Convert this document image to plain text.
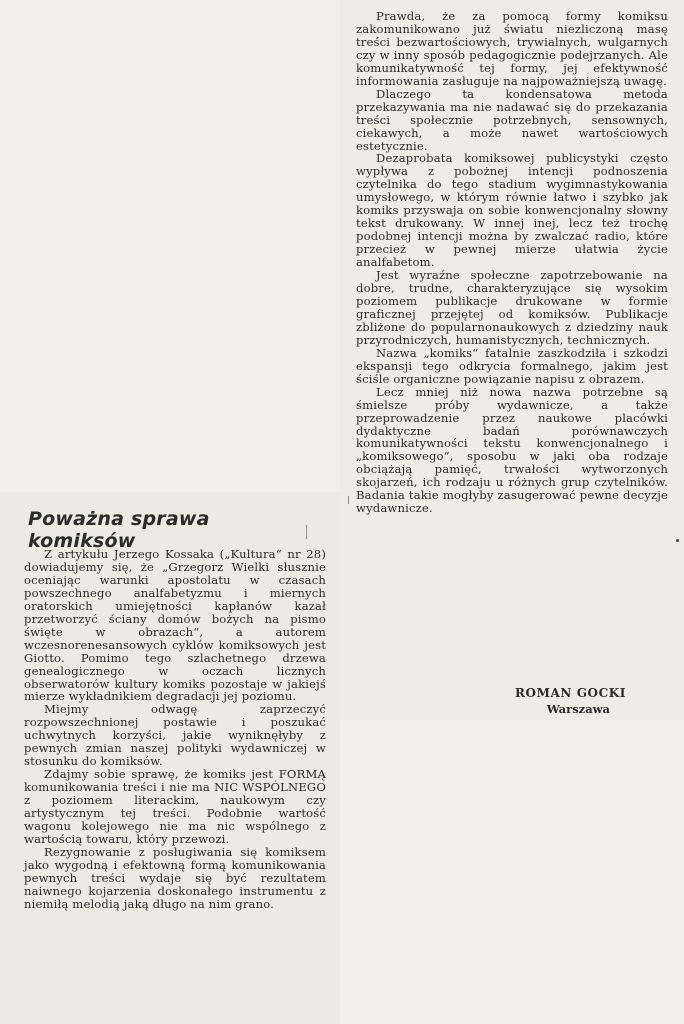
Prawda, że za pomocą formy komiksu zakomunikowano już światu niezliczoną masę treści bezwartościowych, trywialnych, wulgarnych czy w inny sposób pedagogicznie podejrzanych. Ale komunikatywność tej formy, jej efektywność informowania zasługuje na najpoważniejszą uwagę.

Dlaczego ta kondensatowa metoda przekazywania ma nie nadawać się do przekazania treści społecznie potrzebnych, sensownych, ciekawych, a może nawet wartościowych estetycznie.

Dezaprobata komiksowej publicystyki często wypływa z pobożnej intencji podnoszenia czytelnika do tego stadium wygimnastykowania umysłowego, w którym równie łatwo i szybko jak komiks przyswaja on sobie konwencjonalny słowny tekst drukowany. W innej inej, lecz też trochę podobnej intencji można by zwalczać radio, które przecież w pewnej mierze ułatwia życie analfabetom.

Jest wyraźne społeczne zapotrzebowanie na dobre, trudne, charakteryzujące się wysokim poziomem publikacje drukowane w formie graficznej przejętej od komiksów. Publikacje zbliżone do popularnonaukowych z dziedziny nauk przyrodniczych, humanistycznych, technicznych.

Nazwa „komiks“ fatalnie zaszkodziła i szkodzi ekspansji tego odkrycia formalnego, jakim jest ściśle organiczne powiązanie napisu z obrazem.

Lecz mniej niż nowa nazwa potrzebne są śmielsze próby wydawnicze, a także przeprowadzenie przez naukowe placówki dydaktyczne badań porównawczych komunikatywności tekstu konwencjonalnego i „komiksowego“, sposobu w jaki oba rodzaje obciążają pamięć, trwałości wytworzonych skojarzeń, ich rodzaju u różnych grup czytelników. Badania takie mogłyby zasugerować pewne decyzje wydawnicze.

ROMAN GOCKI
Warszawa
Poważna sprawa komiksów

Z artykułu Jerzego Kossaka („Kultura“ nr 28) dowiadujemy się, że „Grzegorz Wielki słusznie oceniając warunki apostolatu w czasach powszechnego analfabetyzmu i miernych oratorskich umiejętności kapłanów kazał przetworzyć ściany domów bożych na pismo święte w obrazach“, a autorem wczesnorenesansowych cyklów komiksowych jest Giotto. Pomimo tego szlachetnego drzewa genealogicznego w oczach licznych obserwatorów kultury komiks pozostaje w jakiejś mierze wykładnikiem degradacji jej poziomu.

Miejmy odwagę zaprzeczyć rozpowszechnionej postawie i poszukać uchwytnych korzyści, jakie wyniknęłyby z pewnych zmian naszej polityki wydawniczej w stosunku do komiksów.

Zdajmy sobie sprawę, że komiks jest FORMĄ komunikowania treści i nie ma NIC WSPÓLNEGO z poziomem literackim, naukowym czy artystycznym tej treści. Podobnie wartość wagonu kolejowego nie ma nic wspólnego z wartością towaru, który przewozi.

Rezygnowanie z posługiwania się komiksem jako wygodną i efektowną formą komunikowania pewnych treści wydaje się być rezultatem naiwnego kojarzenia doskonałego instrumentu z niemiłą melodią jaką długo na nim grano.
